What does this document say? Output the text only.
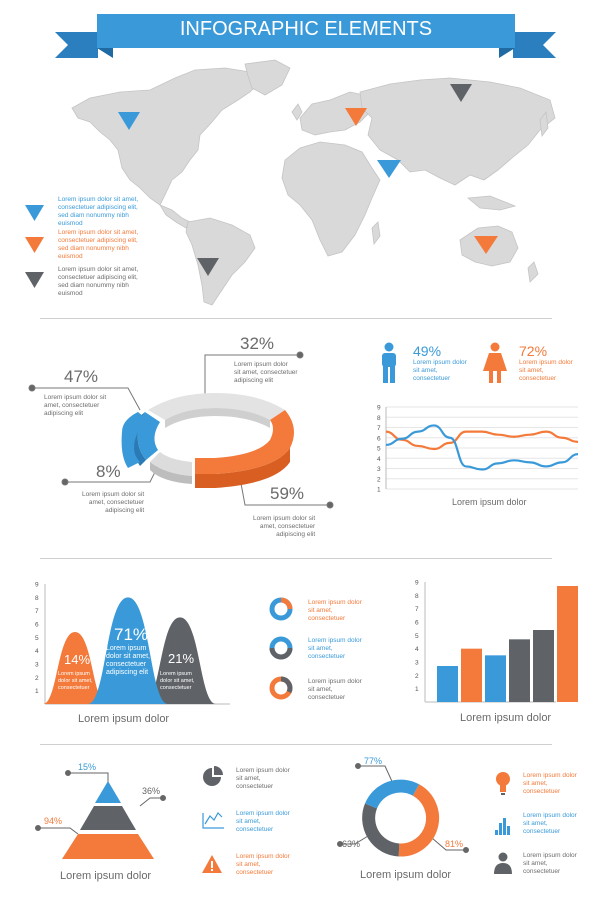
INFOGRAPHIC ELEMENTS
Lorem ipsum dolor sit amet,
consectetuer adipiscing elit,
sed diam nonummy nibh
euismod
Lorem ipsum dolor sit amet,
consectetuer adipiscing elit,
sed diam nonummy nibh
euismod
Lorem ipsum dolor sit amet,
consectetuer adipiscing elit,
sed diam nonummy nibh
euismod
32%
Lorem ipsum dolor
sit amet, consectetuer
adipiscing elit
47%
Lorem ipsum dolor sit
amet, consectetuer
adipiscing elit
8%
Lorem ipsum dolor sit
amet, consectetuer
adipiscing elit
59%
Lorem ipsum dolor sit
amet, consectetuer
adipiscing elit
49%
Lorem ipsum dolor
sit amet,
consectetuer
72%
Lorem ipsum dolor
sit amet,
consectetuer
9
8
7
6
5
4
3
2
1
Lorem ipsum dolor
9
8
7
6
5
4
3
2
1
14%
Lorem ipsum
dolor sit amet,
consectetuer
71%
Lorem ipsum
dolor sit amet,
consectetuer
adipiscing elit
21%
Lorem ipsum
dolor sit amet,
consectetuer
Lorem ipsum dolor
Lorem ipsum dolor
sit amet,
consectetuer
Lorem ipsum dolor
sit amet,
consectetuer
Lorem ipsum dolor
sit amet,
consectetuer
9
8
7
6
5
4
3
2
1
Lorem ipsum dolor
15%
36%
94%
Lorem ipsum dolor
Lorem ipsum dolor
sit amet,
consectetuer
Lorem ipsum dolor
sit amet,
consectetuer
Lorem ipsum dolor
sit amet,
consectetuer
77%
63%	81%
Lorem ipsum dolor
Lorem ipsum dolor
sit amet,
consectetuer
Lorem ipsum dolor
sit amet,
consectetuer
Lorem ipsum dolor
sit amet,
consectetuer
